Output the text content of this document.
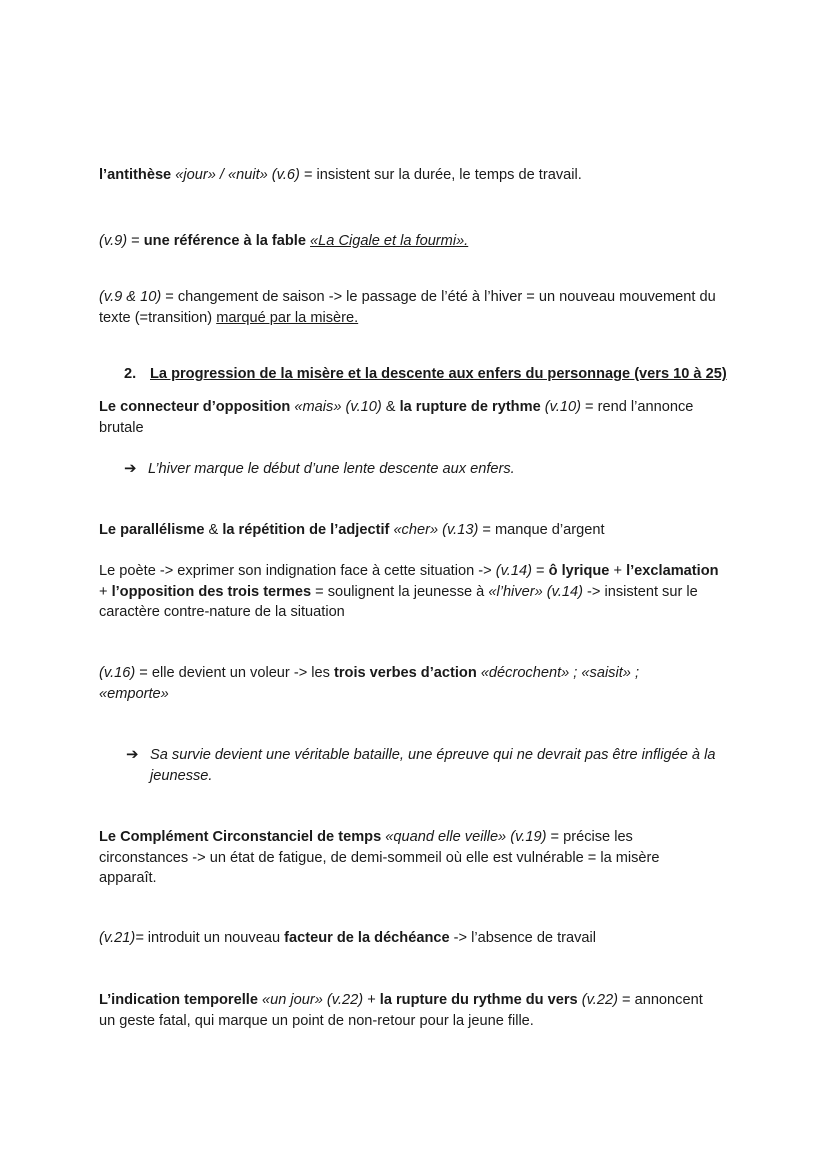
l’antithèse «jour» / «nuit» (v.6) = insistent sur la durée, le temps de travail.

(v.9) = une référence à la fable «La Cigale et la fourmi».

(v.9 & 10) = changement de saison -> le passage de l’été à l’hiver = un nouveau mouvement du texte (=transition) marqué par la misère.

2. La progression de la misère et la descente aux enfers du personnage (vers 10 à 25)

Le connecteur d’opposition «mais» (v.10) & la rupture de rythme (v.10) = rend l’annonce brutale

➔ L’hiver marque le début d’une lente descente aux enfers.

Le parallélisme & la répétition de l’adjectif «cher» (v.13) = manque d’argent

Le poète -> exprimer son indignation face à cette situation -> (v.14) = ô lyrique + l’exclamation + l’opposition des trois termes = soulignent la jeunesse à «l’hiver» (v.14) -> insistent sur le caractère contre-nature de la situation

(v.16) = elle devient un voleur -> les trois verbes d’action «décrochent» ; «saisit» ; «emporte»

➔ Sa survie devient une véritable bataille, une épreuve qui ne devrait pas être infligée à la jeunesse.

Le Complément Circonstanciel de temps «quand elle veille» (v.19) = précise les circonstances -> un état de fatigue, de demi-sommeil où elle est vulnérable = la misère apparaît.

(v.21)= introduit un nouveau facteur de la déchéance -> l’absence de travail

L’indication temporelle «un jour» (v.22) + la rupture du rythme du vers (v.22) = annoncent un geste fatal, qui marque un point de non-retour pour la jeune fille.
